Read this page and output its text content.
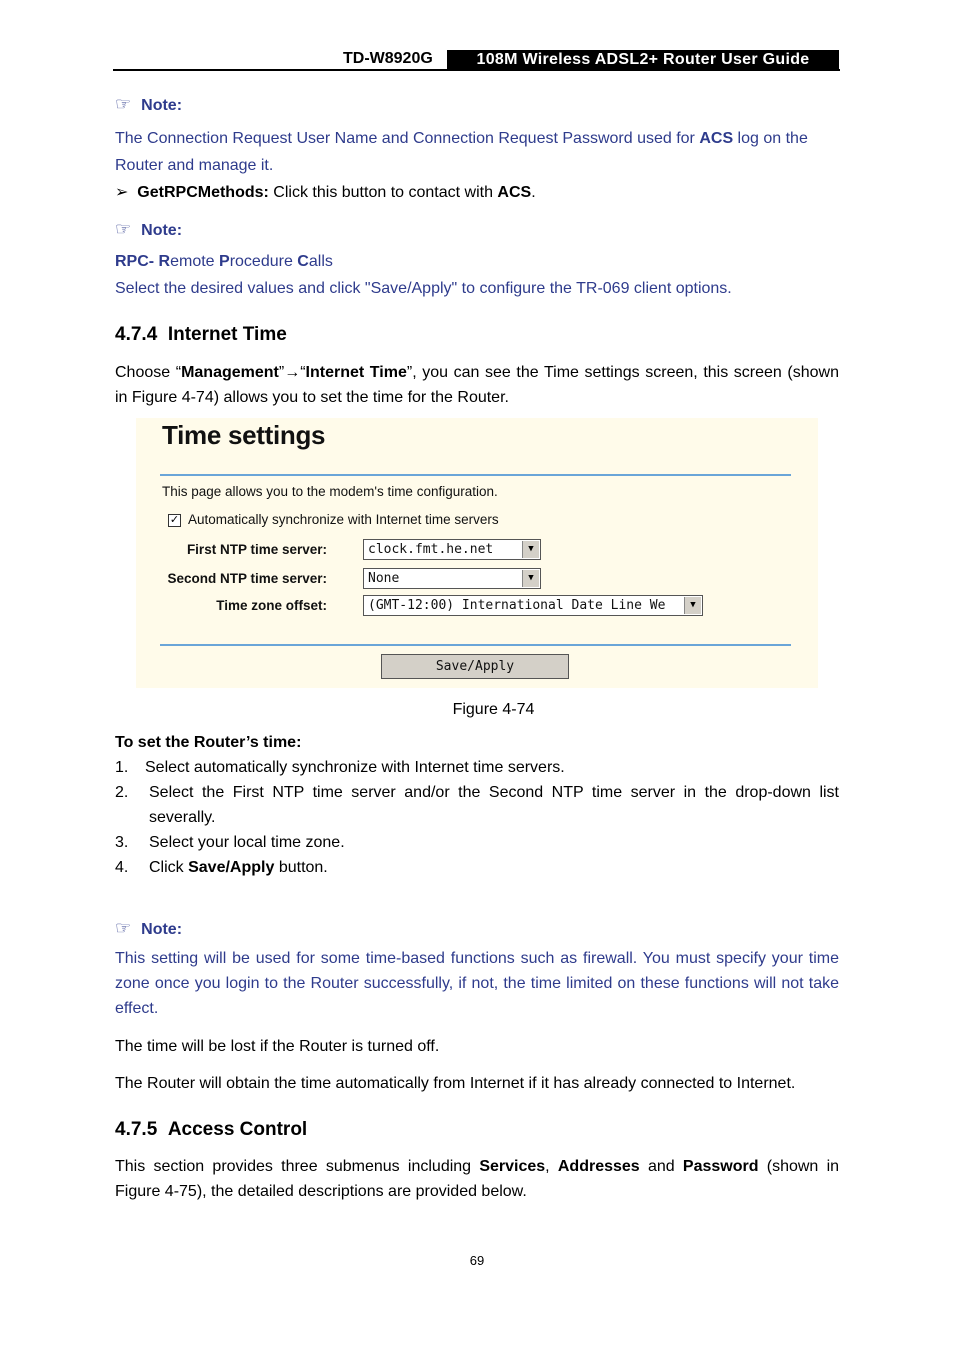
TD-W8920G	108M Wireless ADSL2+ Router User Guide
☞ Note:
The Connection Request User Name and Connection Request Password used for ACS log on the Router and manage it.
➢ GetRPCMethods: Click this button to contact with ACS.
☞ Note:
RPC- Remote Procedure Calls
Select the desired values and click "Save/Apply" to configure the TR-069 client options.
4.7.4 Internet Time
Choose “Management”→“Internet Time”, you can see the Time settings screen, this screen (shown in Figure 4-74) allows you to set the time for the Router.
Time settings
This page allows you to the modem's time configuration.
✓ Automatically synchronize with Internet time servers
First NTP time server:	clock.fmt.he.net	▼
Second NTP time server:	None	▼
Time zone offset:	(GMT-12:00) International Date Line We	▼
Save/Apply
Figure 4-74
To set the Router’s time:
1.	Select automatically synchronize with Internet time servers.
2.	Select the First NTP time server and/or the Second NTP time server in the drop-down list severally.
3.	Select your local time zone.
4.	Click Save/Apply button.
☞ Note:
This setting will be used for some time-based functions such as firewall. You must specify your time zone once you login to the Router successfully, if not, the time limited on these functions will not take effect.
The time will be lost if the Router is turned off.
The Router will obtain the time automatically from Internet if it has already connected to Internet.
4.7.5 Access Control
This section provides three submenus including Services, Addresses and Password (shown in Figure 4-75), the detailed descriptions are provided below.
69
